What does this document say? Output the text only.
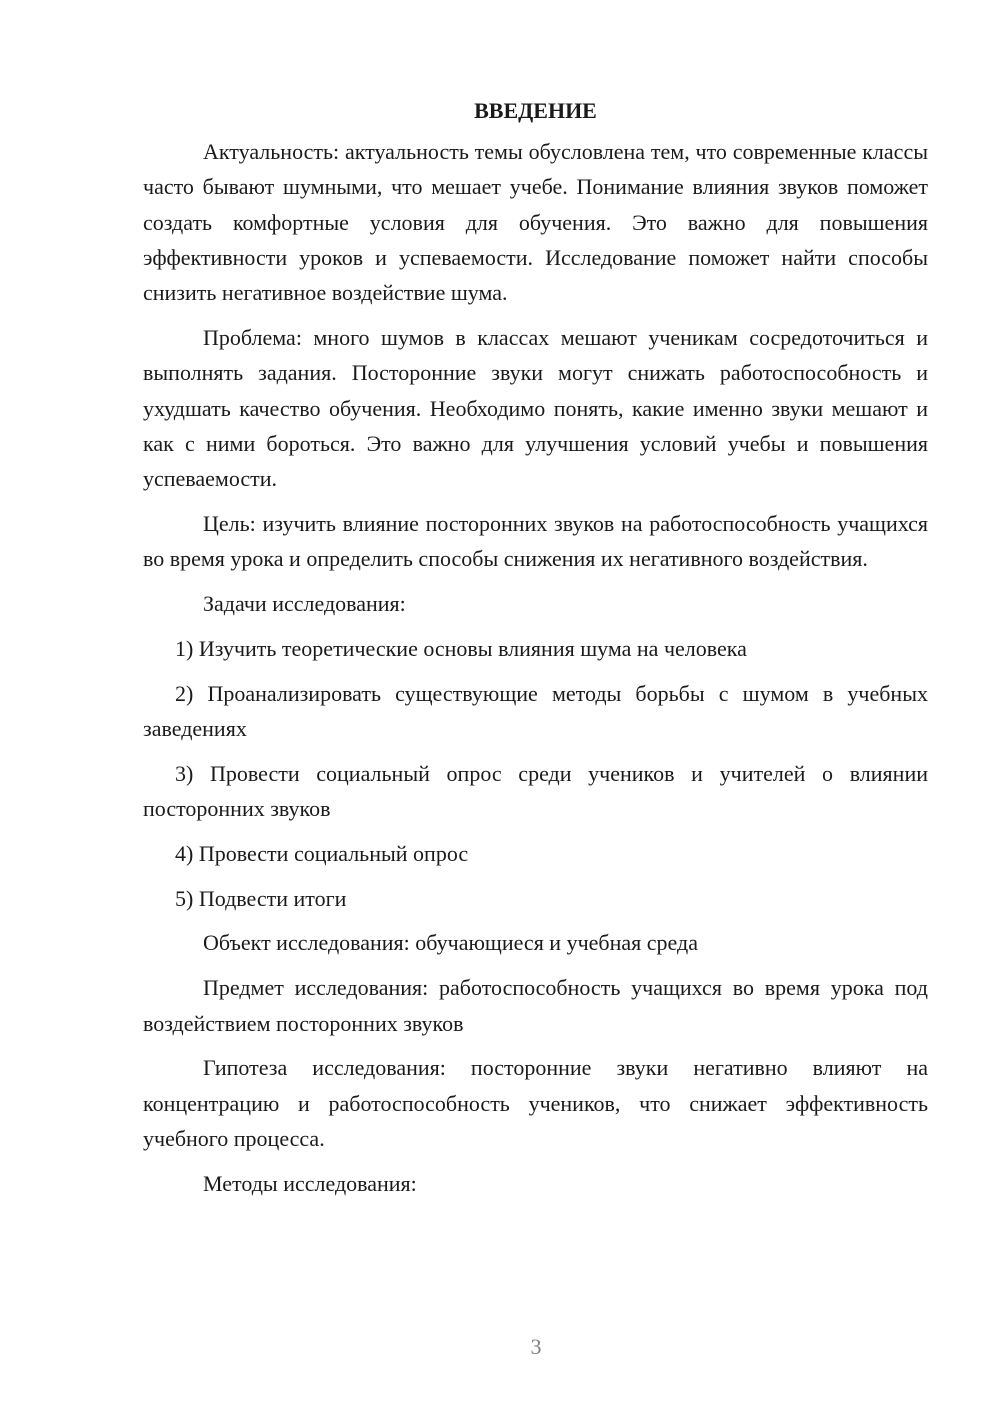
ВВЕДЕНИЕ

Актуальность: актуальность темы обусловлена тем, что современные классы часто бывают шумными, что мешает учебе. Понимание влияния звуков поможет создать комфортные условия для обучения. Это важно для повышения эффективности уроков и успеваемости. Исследование поможет найти способы снизить негативное воздействие шума.

Проблема: много шумов в классах мешают ученикам сосредоточиться и выполнять задания. Посторонние звуки могут снижать работоспособность и ухудшать качество обучения. Необходимо понять, какие именно звуки мешают и как с ними бороться. Это важно для улучшения условий учебы и повышения успеваемости.

Цель: изучить влияние посторонних звуков на работоспособность учащихся во время урока и определить способы снижения их негативного воздействия.

Задачи исследования:

1) Изучить теоретические основы влияния шума на человека

2) Проанализировать существующие методы борьбы с шумом в учебных заведениях

3) Провести социальный опрос среди учеников и учителей о влиянии посторонних звуков

4) Провести социальный опрос

5) Подвести итоги

Объект исследования: обучающиеся и учебная среда

Предмет исследования: работоспособность учащихся во время урока под воздействием посторонних звуков

Гипотеза исследования: посторонние звуки негативно влияют на концентрацию и работоспособность учеников, что снижает эффективность учебного процесса.

Методы исследования:

3
